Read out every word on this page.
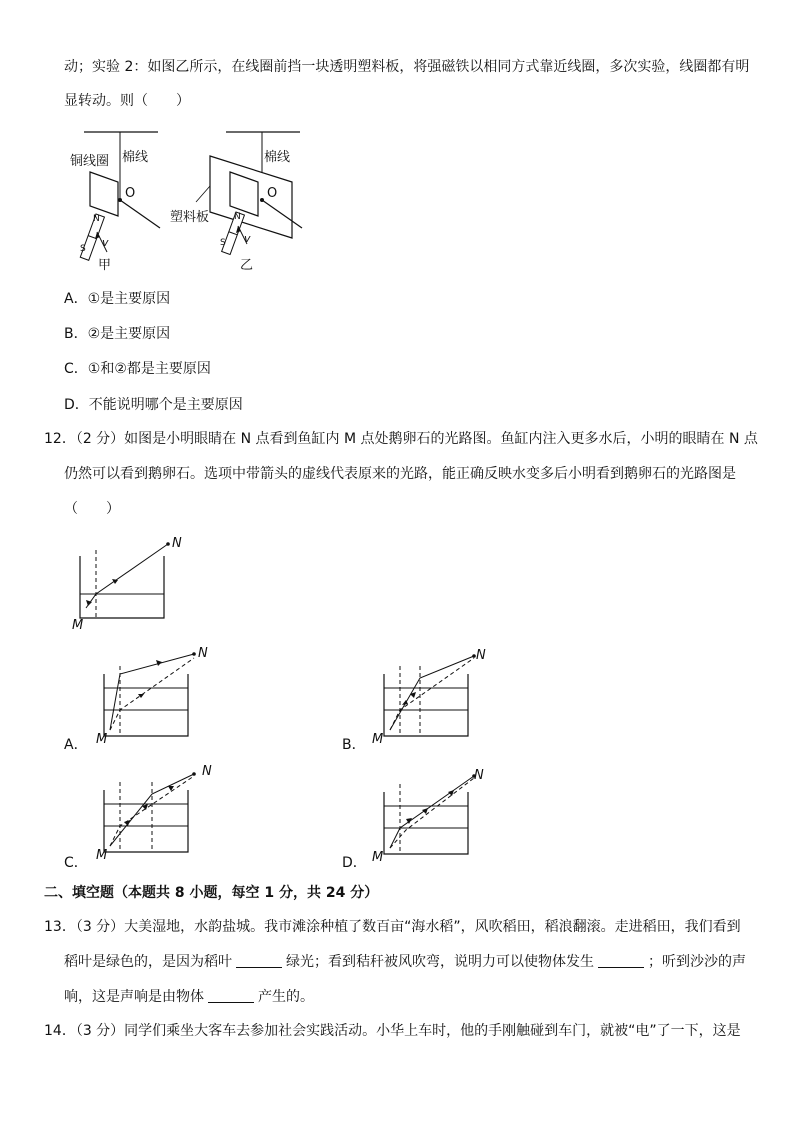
动；实验 2：如图乙所示，在线圈前挡一块透明塑料板，将强磁铁以相同方式靠近线圈，多次实验，线圈都有明
显转动。则（　　）
铜线圈 棉线
O
v
N
S
甲
棉线
塑料板
O
v
N
S
乙
A．①是主要原因
B．②是主要原因
C．①和②都是主要原因
D．不能说明哪个是主要原因
12．（2 分）如图是小明眼睛在 N 点看到鱼缸内 M 点处鹅卵石的光路图。鱼缸内注入更多水后，小明的眼睛在 N 点
仍然可以看到鹅卵石。选项中带箭头的虚线代表原来的光路，能正确反映水变多后小明看到鹅卵石的光路图是
（　　）
N
M
N
M
A．
N
M
B．
N
M
C．
N
M
D．
二、填空题（本题共 8 小题，每空 1 分，共 24 分）
13．（3 分）大美湿地，水韵盐城。我市滩涂种植了数百亩“海水稻”，风吹稻田，稻浪翻滚。走进稻田，我们看到
稻叶是绿色的，是因为稻叶	绿光；看到秸秆被风吹弯，说明力可以使物体发生	；听到沙沙的声
响，这是声响是由物体	产生的。
14．（3 分）同学们乘坐大客车去参加社会实践活动。小华上车时，他的手刚触碰到车门，就被“电”了一下，这是
